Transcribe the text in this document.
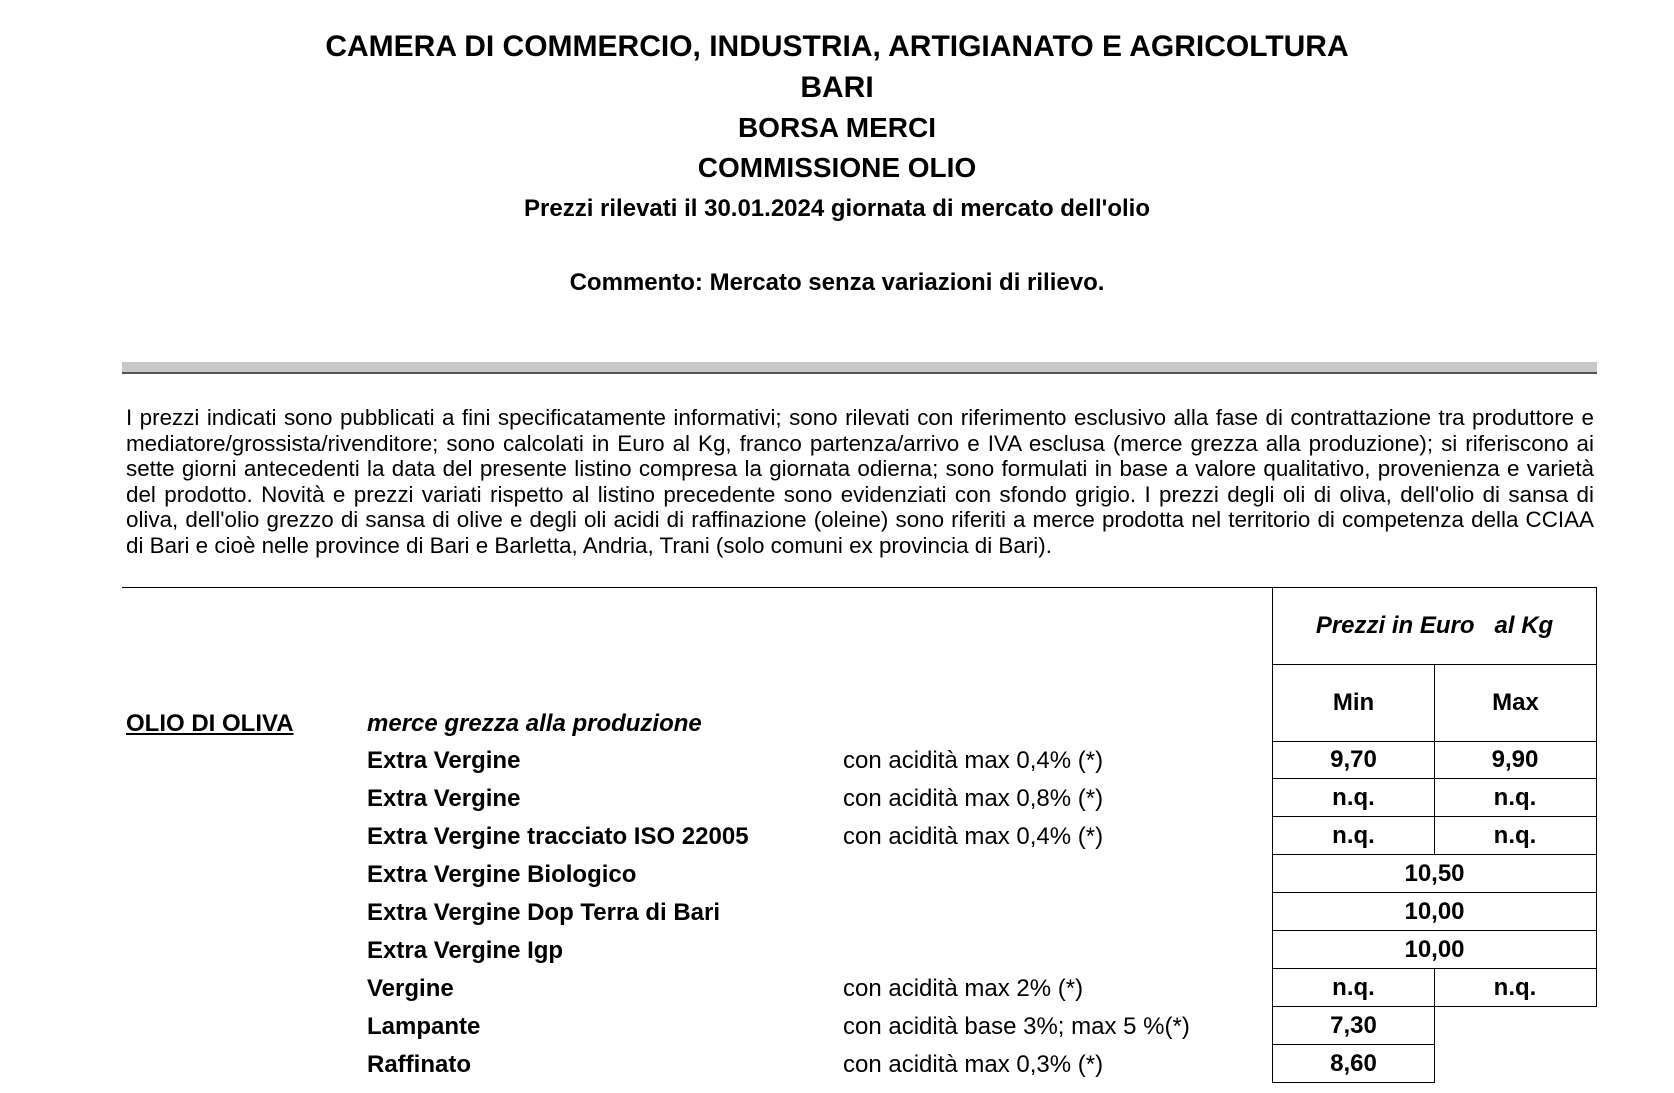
CAMERA DI COMMERCIO, INDUSTRIA, ARTIGIANATO E AGRICOLTURA
BARI
BORSA MERCI
COMMISSIONE OLIO
Prezzi rilevati il 30.01.2024 giornata di mercato dell'olio
Commento: Mercato senza variazioni di rilievo.
I prezzi indicati sono pubblicati a fini specificatamente informativi; sono rilevati con riferimento esclusivo alla fase di contrattazione tra produttore e mediatore/grossista/rivenditore; sono calcolati in Euro al Kg, franco partenza/arrivo e IVA esclusa (merce grezza alla produzione); si riferiscono ai sette giorni antecedenti la data del presente listino compresa la giornata odierna; sono formulati in base a valore qualitativo, provenienza e varietà del prodotto. Novità e prezzi variati rispetto al listino precedente sono evidenziati con sfondo grigio. I prezzi degli oli di oliva, dell'olio di sansa di oliva, dell'olio grezzo di sansa di olive e degli oli acidi di raffinazione (oleine) sono riferiti a merce prodotta nel territorio di competenza della CCIAA di Bari e cioè nelle province di Bari e Barletta, Andria, Trani (solo comuni ex provincia di Bari).
Prezzi in Euro   al Kg
Min	Max
OLIO DI OLIVA	merce grezza alla produzione
Extra Vergine	con acidità max 0,4% (*)	9,70	9,90
Extra Vergine	con acidità max 0,8% (*)	n.q.	n.q.
Extra Vergine tracciato ISO 22005	con acidità max 0,4% (*)	n.q.	n.q.
Extra Vergine Biologico	10,50
Extra Vergine Dop Terra di Bari	10,00
Extra Vergine Igp	10,00
Vergine	con acidità max 2% (*)	n.q.	n.q.
Lampante	con acidità base 3%; max 5 %(*)	7,30
Raffinato	con acidità max 0,3% (*)	8,60
